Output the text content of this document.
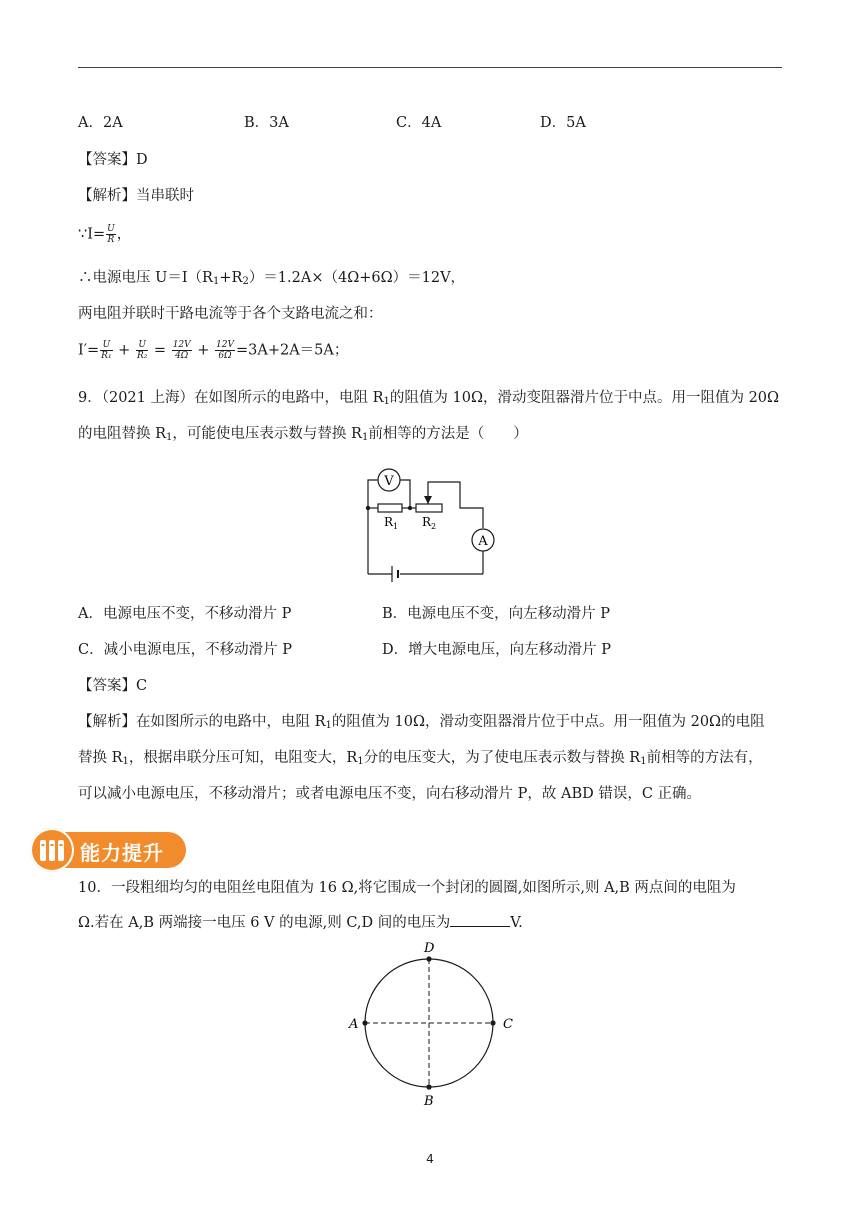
A．2A	B．3A	C．4A	D．5A
【答案】D
【解析】当串联时
∵I= $\frac{U}{R}$ ，
∴电源电压 $U=I(R_1+R_2)=1.2A\times(4\Omega+6\Omega)=12V$，
两电阻并联时干路电流等于各个支路电流之和：
$I'= \frac{U}{\text{R₁}} + \frac{U}{\text{R₂}} = \frac{12V}{4\Omega} + \frac{12V}{6\Omega} =3A+2A=5A$；
9．（2021 上海）在如图所示的电路中，电阻 $R_1$的阻值为 10Ω，滑动变阻器滑片位于中点。用一阻值为 20Ω
的电阻替换 $R_1$，可能使电压表示数与替换 $R_1$前相等的方法是（　　）
V
A
$R_1$ $R_2$
A．电源电压不变，不移动滑片 P	B．电源电压不变，向左移动滑片 P
C．减小电源电压，不移动滑片 P	D．增大电源电压，向左移动滑片 P
【答案】C
【解析】在如图所示的电路中，电阻 $R_1$的阻值为 10Ω，滑动变阻器滑片位于中点。用一阻值为 20Ω的电阻
替换 $R_1$，根据串联分压可知，电阻变大，$R_1$分的电压变大，为了使电压表示数与替换 $R_1$前相等的方法有，
可以减小电源电压，不移动滑片；或者电源电压不变，向右移动滑片 P，故 ABD 错误，C 正确。
能力提升
10．一段粗细均匀的电阻丝电阻值为 16 Ω,将它围成一个封闭的圆圈,如图所示,则 A,B 两点间的电阻为
Ω.若在 A,B 两端接一电压 6 V 的电源,则 C,D 间的电压为	V.
A	C
D
B
4
